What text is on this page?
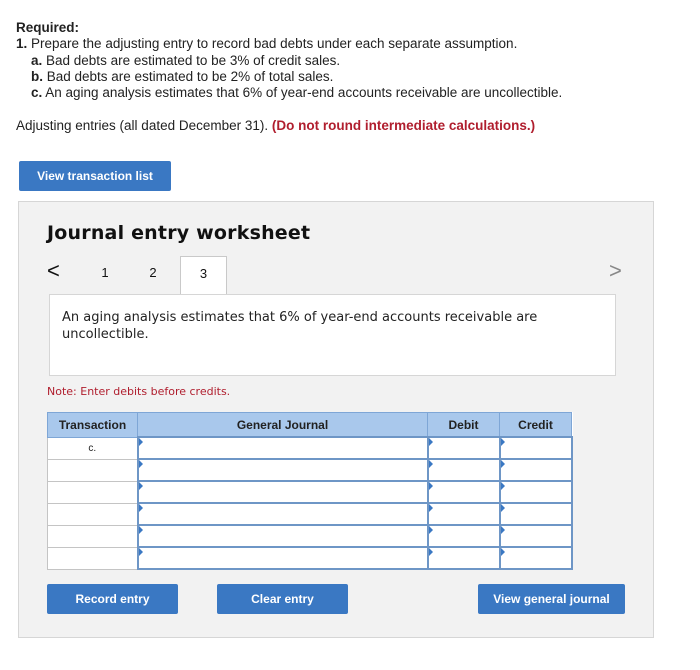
Required:
1. Prepare the adjusting entry to record bad debts under each separate assumption.
a. Bad debts are estimated to be 3% of credit sales.
b. Bad debts are estimated to be 2% of total sales.
c. An aging analysis estimates that 6% of year-end accounts receivable are uncollectible.
Adjusting entries (all dated December 31). (Do not round intermediate calculations.)
View transaction list
Journal entry worksheet
<	1	2	3	>
An aging analysis estimates that 6% of year-end accounts receivable are uncollectible.
Note: Enter debits before credits.
Transaction	General Journal	Debit	Credit
c.			

Record entry	Clear entry	View general journal
